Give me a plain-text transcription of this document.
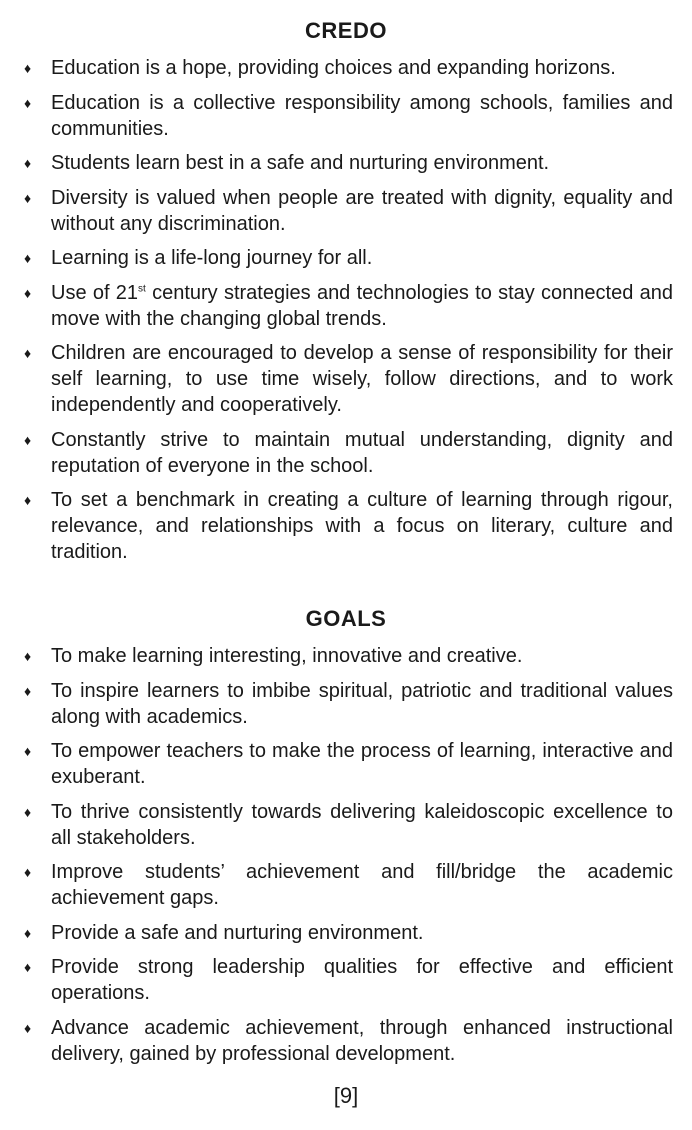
CREDO
♦ Education is a hope, providing choices and expanding horizons.
♦ Education is a collective responsibility among schools, families and communities.
♦ Students learn best in a safe and nurturing environment.
♦ Diversity is valued when people are treated with dignity, equality and without any discrimination.
♦ Learning is a life-long journey for all.
♦ Use of 21st century strategies and technologies to stay connected and move with the changing global trends.
♦ Children are encouraged to develop a sense of responsibility for their self learning, to use time wisely, follow directions, and to work independently and cooperatively.
♦ Constantly strive to maintain mutual understanding, dignity and reputation of everyone in the school.
♦ To set a benchmark in creating a culture of learning through rigour, relevance, and relationships with a focus on literary, culture and tradition.
GOALS
♦ To make learning interesting, innovative and creative.
♦ To inspire learners to imbibe spiritual, patriotic and traditional values along with academics.
♦ To empower teachers to make the process of learning, interactive and exuberant.
♦ To thrive consistently towards delivering kaleidoscopic excellence to all stakeholders.
♦ Improve students’ achievement and fill/bridge the academic achievement gaps.
♦ Provide a safe and nurturing environment.
♦ Provide strong leadership qualities for effective and efficient operations.
♦ Advance academic achievement, through enhanced instructional delivery, gained by professional development.
[9]
